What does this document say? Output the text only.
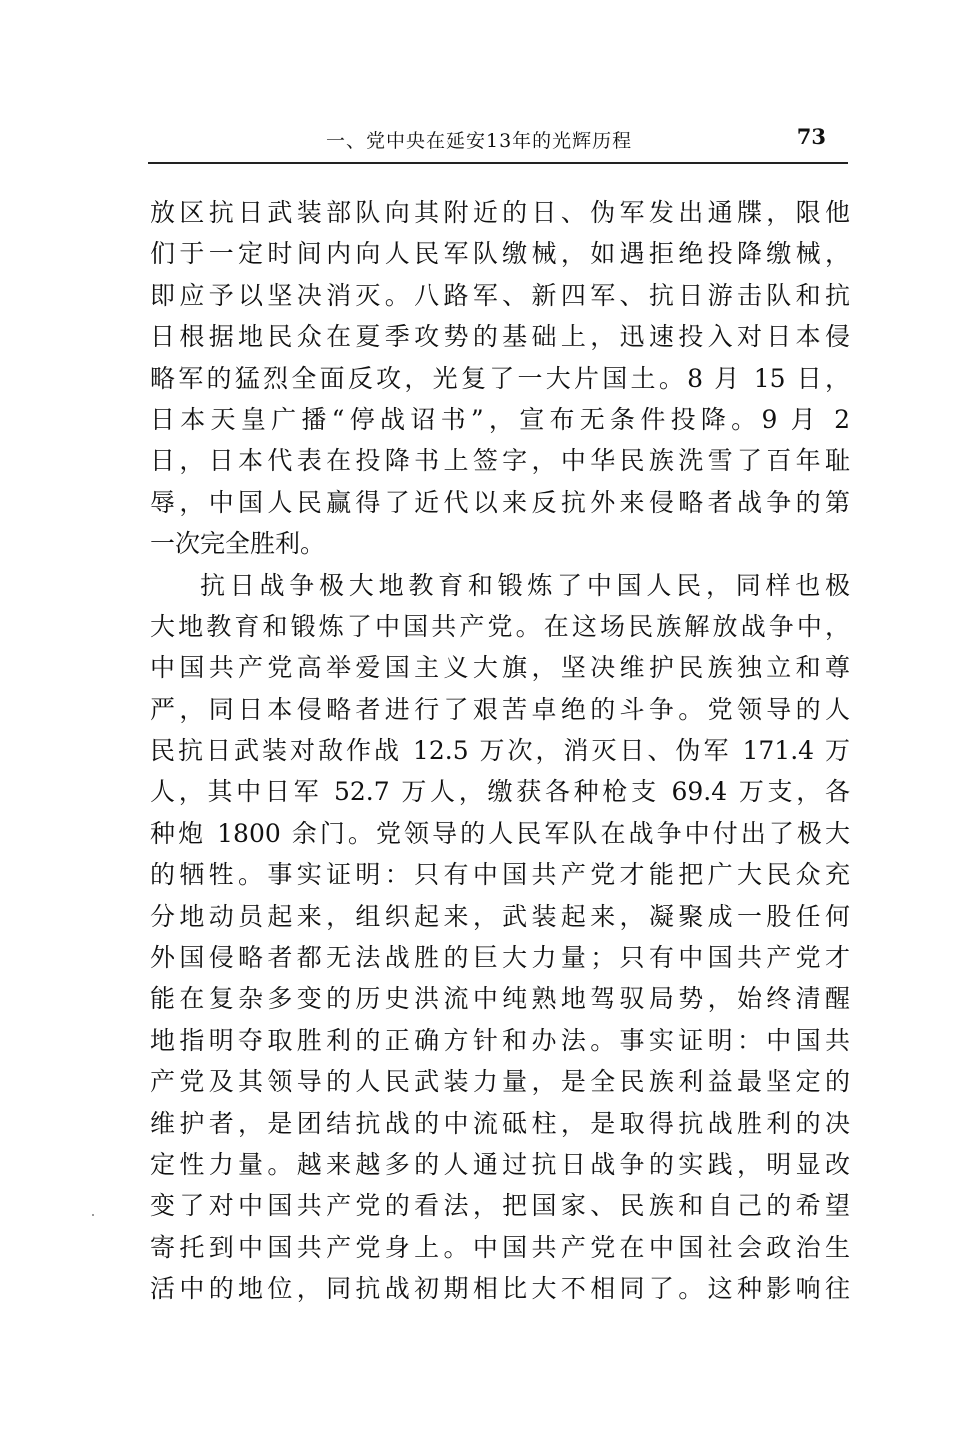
一、党中央在延安13年的光辉历程	73
放区抗日武装部队向其附近的日、伪军发出通牒，限他
们于一定时间内向人民军队缴械，如遇拒绝投降缴械，
即应予以坚决消灭。八路军、新四军、抗日游击队和抗
日根据地民众在夏季攻势的基础上，迅速投入对日本侵
略军的猛烈全面反攻，光复了一大片国土。8 月 15 日，
日本天皇广播“停战诏书”，宣布无条件投降。9 月 2
日，日本代表在投降书上签字，中华民族洗雪了百年耻
辱，中国人民赢得了近代以来反抗外来侵略者战争的第
一次完全胜利。
抗日战争极大地教育和锻炼了中国人民，同样也极
大地教育和锻炼了中国共产党。在这场民族解放战争中，
中国共产党高举爱国主义大旗，坚决维护民族独立和尊
严，同日本侵略者进行了艰苦卓绝的斗争。党领导的人
民抗日武装对敌作战 12.5 万次，消灭日、伪军 171.4 万
人，其中日军 52.7 万人，缴获各种枪支 69.4 万支，各
种炮 1800 余门。党领导的人民军队在战争中付出了极大
的牺牲。事实证明：只有中国共产党才能把广大民众充
分地动员起来，组织起来，武装起来，凝聚成一股任何
外国侵略者都无法战胜的巨大力量；只有中国共产党才
能在复杂多变的历史洪流中纯熟地驾驭局势，始终清醒
地指明夺取胜利的正确方针和办法。事实证明：中国共
产党及其领导的人民武装力量，是全民族利益最坚定的
维护者，是团结抗战的中流砥柱，是取得抗战胜利的决
定性力量。越来越多的人通过抗日战争的实践，明显改
变了对中国共产党的看法，把国家、民族和自己的希望
寄托到中国共产党身上。中国共产党在中国社会政治生
活中的地位，同抗战初期相比大不相同了。这种影响往
